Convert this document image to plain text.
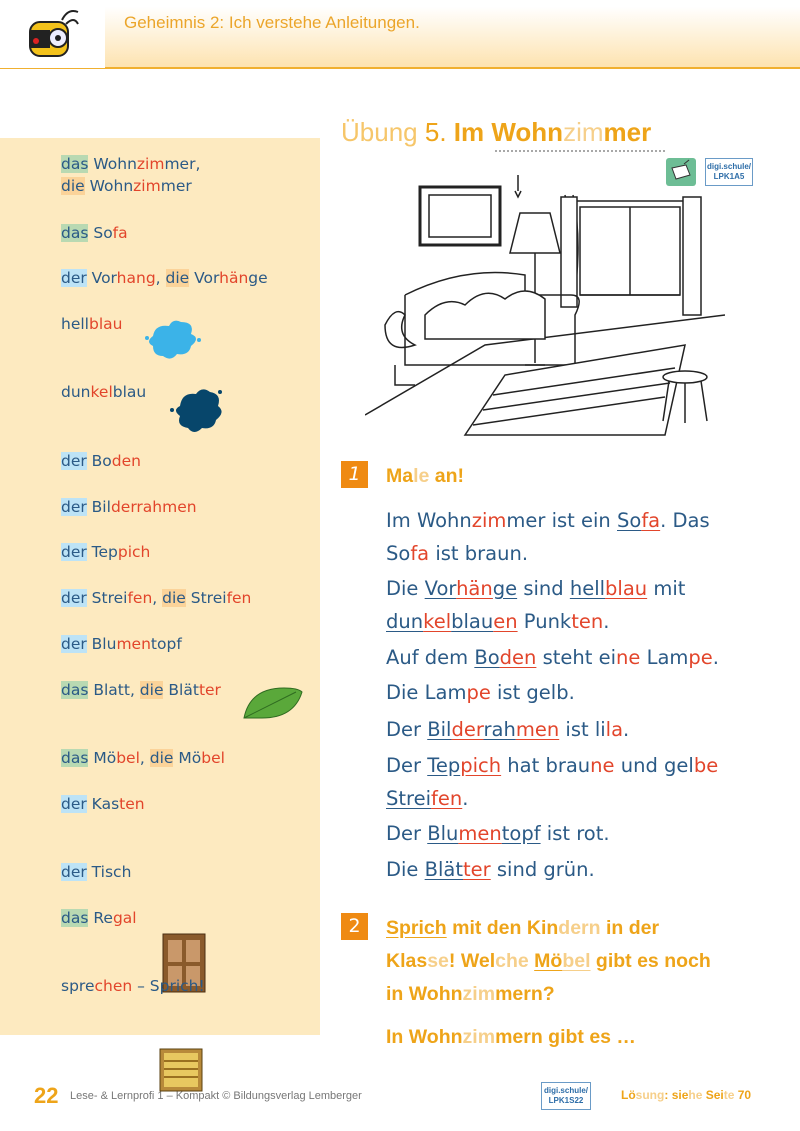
Geheimnis 2: Ich verstehe Anleitungen.
das Wohnzimmer,
die Wohnzimmer
das Sofa
der Vorhang, die Vorhänge
hellblau
dunkelblau
der Boden
der Bilderrahmen
der Teppich
der Streifen, die Streifen
der Blumentopf
das Blatt, die Blätter
das Möbel, die Möbel
der Kasten
der Tisch
das Regal
sprechen – Sprich!
Übung 5. Im Wohnzimmer
digi.schule/
LPK1A5
1
Im Wohnzimmer ist ein Sofa. Das
Sofa ist braun.
Die Vorhänge sind hellblau mit
dunkelblauen Punkten.
Auf dem Boden steht eine Lampe.
Die Lampe ist gelb.
Der Bilderrahmen ist lila.
Der Teppich hat braune und gelbe
Streifen.
Der Blumentopf ist rot.
Die Blätter sind grün.
Male an!
2	Sprich mit den Kindern in der
Klasse! Welche Möbel gibt es noch
in Wohnzimmern?
In Wohnzimmern gibt es …
22 Lese- & Lernprofi 1 – Kompakt © Bildungsverlag Lemberger	digi.schule/
LPK1S22	Lösung: siehe Seite 70
